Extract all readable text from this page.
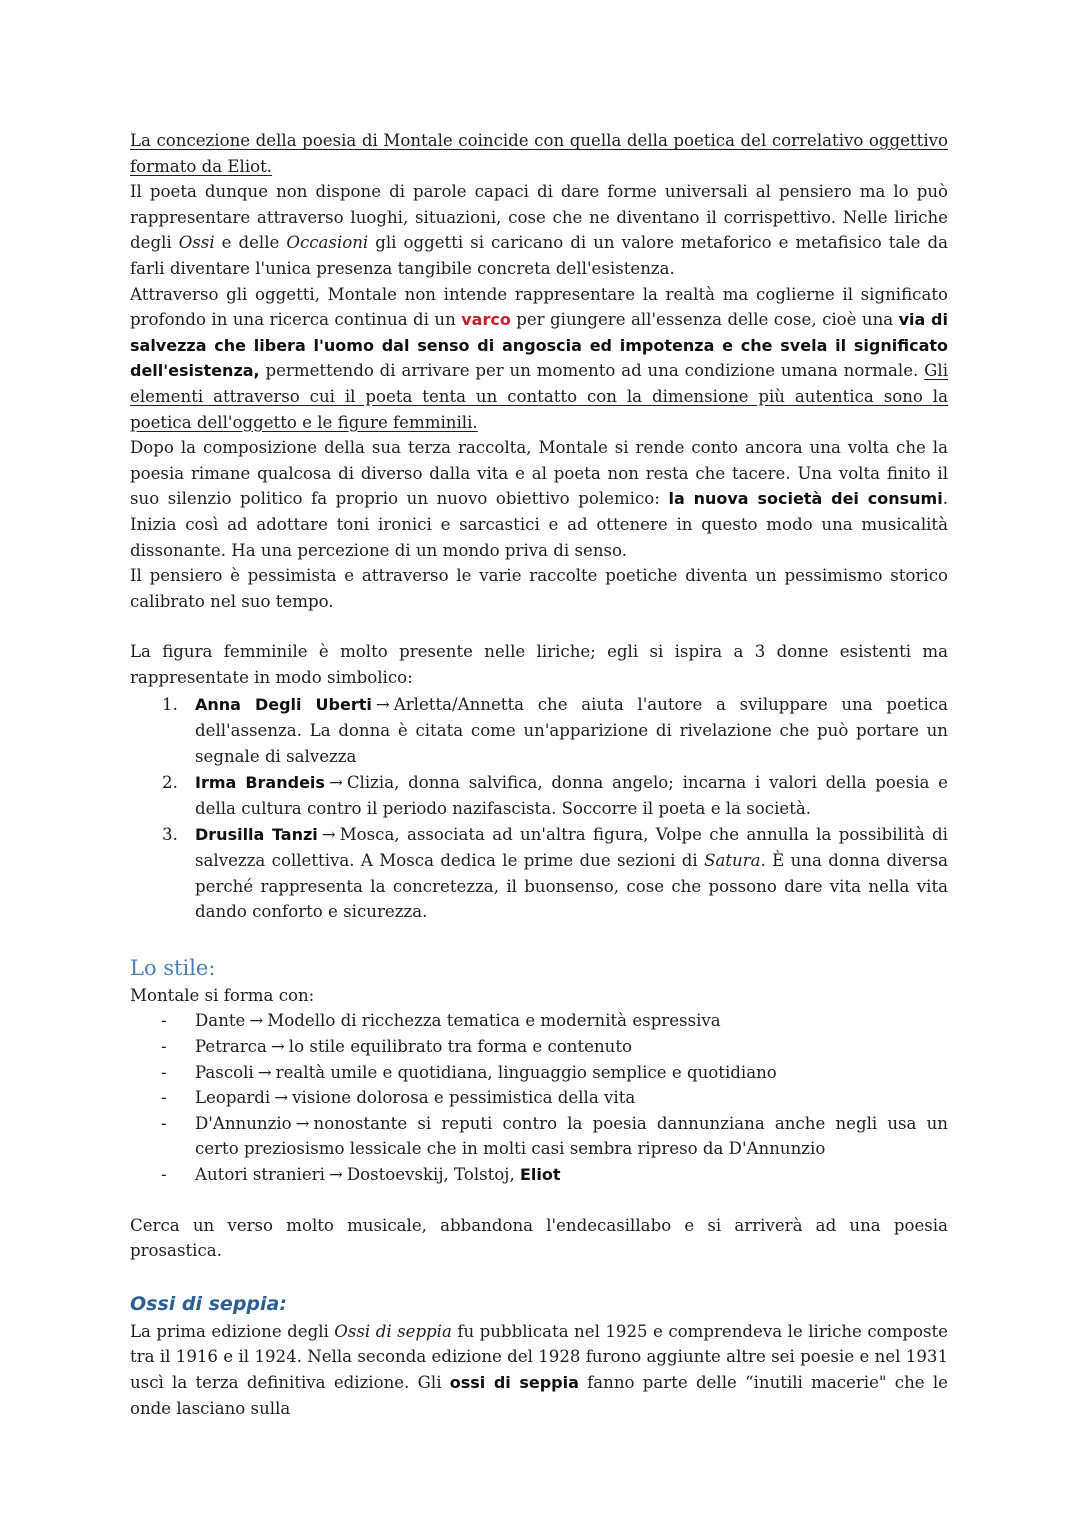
La concezione della poesia di Montale coincide con quella della poetica del correlativo oggettivo formato da Eliot.

Il poeta dunque non dispone di parole capaci di dare forme universali al pensiero ma lo può rappresentare attraverso luoghi, situazioni, cose che ne diventano il corrispettivo. Nelle liriche degli Ossi e delle Occasioni gli oggetti si caricano di un valore metaforico e metafisico tale da farli diventare l'unica presenza tangibile concreta dell'esistenza.

Attraverso gli oggetti, Montale non intende rappresentare la realtà ma coglierne il significato profondo in una ricerca continua di un varco per giungere all'essenza delle cose, cioè una via di salvezza che libera l'uomo dal senso di angoscia ed impotenza e che svela il significato dell'esistenza, permettendo di arrivare per un momento ad una condizione umana normale. Gli elementi attraverso cui il poeta tenta un contatto con la dimensione più autentica sono la poetica dell'oggetto e le figure femminili.

Dopo la composizione della sua terza raccolta, Montale si rende conto ancora una volta che la poesia rimane qualcosa di diverso dalla vita e al poeta non resta che tacere. Una volta finito il suo silenzio politico fa proprio un nuovo obiettivo polemico: la nuova società dei consumi. Inizia così ad adottare toni ironici e sarcastici e ad ottenere in questo modo una musicalità dissonante. Ha una percezione di un mondo priva di senso.

Il pensiero è pessimista e attraverso le varie raccolte poetiche diventa un pessimismo storico calibrato nel suo tempo.

La figura femminile è molto presente nelle liriche; egli si ispira a 3 donne esistenti ma rappresentate in modo simbolico:

Anna Degli Uberti → Arletta/Annetta che aiuta l'autore a sviluppare una poetica dell'assenza. La donna è citata come un'apparizione di rivelazione che può portare un segnale di salvezza
Irma Brandeis → Clizia, donna salvifica, donna angelo; incarna i valori della poesia e della cultura contro il periodo nazifascista. Soccorre il poeta e la società.
Drusilla Tanzi → Mosca, associata ad un'altra figura, Volpe che annulla la possibilità di salvezza collettiva. A Mosca dedica le prime due sezioni di Satura. È una donna diversa perché rappresenta la concretezza, il buonsenso, cose che possono dare vita nella vita dando conforto e sicurezza.
Lo stile:

Montale si forma con:

- Dante → Modello di ricchezza tematica e modernità espressiva
- Petrarca → lo stile equilibrato tra forma e contenuto
- Pascoli → realtà umile e quotidiana, linguaggio semplice e quotidiano
- Leopardi → visione dolorosa e pessimistica della vita
- D'Annunzio → nonostante si reputi contro la poesia dannunziana anche negli usa un certo preziosismo lessicale che in molti casi sembra ripreso da D'Annunzio
- Autori stranieri → Dostoevskij, Tolstoj, Eliot

Cerca un verso molto musicale, abbandona l'endecasillabo e si arriverà ad una poesia prosastica.

Ossi di seppia:

La prima edizione degli Ossi di seppia fu pubblicata nel 1925 e comprendeva le liriche composte tra il 1916 e il 1924. Nella seconda edizione del 1928 furono aggiunte altre sei poesie e nel 1931 uscì la terza definitiva edizione. Gli ossi di seppia fanno parte delle “inutili macerie" che le onde lasciano sulla
